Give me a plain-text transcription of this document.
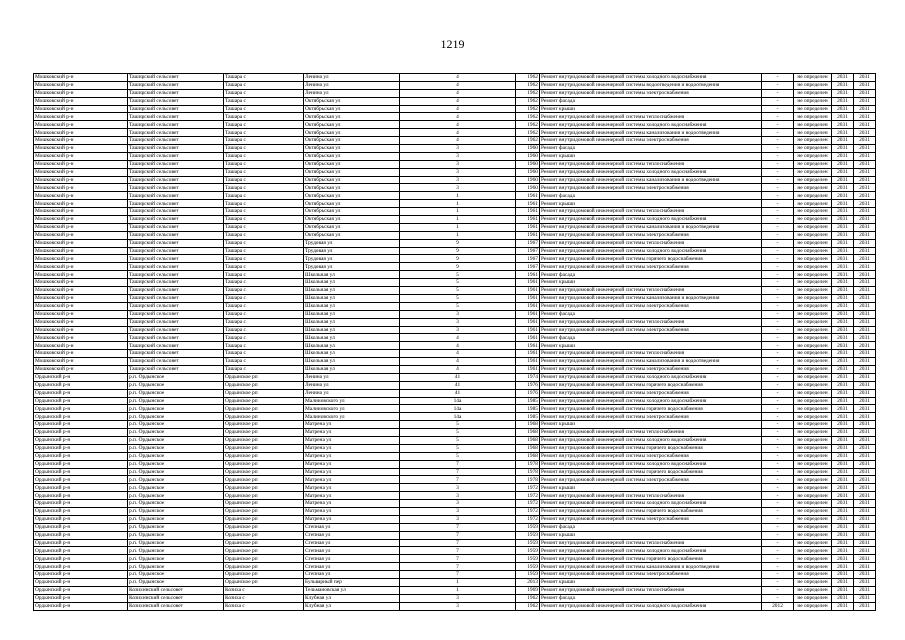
1219
Мошковский р-н	Таширский сельсовет	Ташара с	Ленина ул	4	1962	Ремонт внутридомовой инженерной системы холодного водоснабжения	-	не определен	2031	2031
Мошковский р-н	Таширский сельсовет	Ташара с	Ленина ул	4	1962	Ремонт внутридомовой инженерной системы водоотведения и водоотведения	-	не определен	2031	2031
Мошковский р-н	Таширский сельсовет	Ташара с	Ленина ул	4	1962	Ремонт внутридомовой инженерной системы электроснабжения	-	не определен	2031	2031
Мошковский р-н	Таширский сельсовет	Ташара с	Октябрьская ул	4	1962	Ремонт фасада	-	не определен	2031	2031
Мошковский р-н	Таширский сельсовет	Ташара с	Октябрьская ул	4	1962	Ремонт крыши	-	не определен	2031	2031
Мошковский р-н	Таширский сельсовет	Ташара с	Октябрьская ул	4	1962	Ремонт внутридомовой инженерной системы теплоснабжения	-	не определен	2031	2031
Мошковский р-н	Таширский сельсовет	Ташара с	Октябрьская ул	4	1962	Ремонт внутридомовой инженерной системы холодного водоснабжения	-	не определен	2031	2031
Мошковский р-н	Таширский сельсовет	Ташара с	Октябрьская ул	4	1962	Ремонт внутридомовой инженерной системы канализования и водоотведения	-	не определен	2031	2031
Мошковский р-н	Таширский сельсовет	Ташара с	Октябрьская ул	4	1962	Ремонт внутридомовой инженерной системы электроснабжения	-	не определен	2031	2031
Мошковский р-н	Таширский сельсовет	Ташара с	Октябрьская ул	3	1960	Ремонт фасада	-	не определен	2031	2031
Мошковский р-н	Таширский сельсовет	Ташара с	Октябрьская ул	3	1960	Ремонт крыши	-	не определен	2031	2031
Мошковский р-н	Таширский сельсовет	Ташара с	Октябрьская ул	3	1960	Ремонт внутридомовой инженерной системы теплоснабжения	-	не определен	2031	2031
Мошковский р-н	Таширский сельсовет	Ташара с	Октябрьская ул	3	1960	Ремонт внутридомовой инженерной системы холодного водоснабжения	-	не определен	2031	2031
Мошковский р-н	Таширский сельсовет	Ташара с	Октябрьская ул	3	1960	Ремонт внутридомовой инженерной системы канализования и водоотведения	-	не определен	2031	2031
Мошковский р-н	Таширский сельсовет	Ташара с	Октябрьская ул	3	1960	Ремонт внутридомовой инженерной системы электроснабжения	-	не определен	2031	2031
Мошковский р-н	Таширский сельсовет	Ташара с	Октябрьская ул	1	1961	Ремонт фасада	-	не определен	2031	2031
Мошковский р-н	Таширский сельсовет	Ташара с	Октябрьская ул	1	1961	Ремонт крыши	-	не определен	2031	2031
Мошковский р-н	Таширский сельсовет	Ташара с	Октябрьская ул	1	1961	Ремонт внутридомовой инженерной системы теплоснабжения	-	не определен	2031	2031
Мошковский р-н	Таширский сельсовет	Ташара с	Октябрьская ул	1	1961	Ремонт внутридомовой инженерной системы холодного водоснабжения	-	не определен	2031	2031
Мошковский р-н	Таширский сельсовет	Ташара с	Октябрьская ул	1	1961	Ремонт внутридомовой инженерной системы канализования и водоотведения	-	не определен	2031	2031
Мошковский р-н	Таширский сельсовет	Ташара с	Октябрьская ул	1	1961	Ремонт внутридомовой инженерной системы электроснабжения	-	не определен	2031	2031
Мошковский р-н	Таширский сельсовет	Ташара с	Трудовая ул	9	1967	Ремонт внутридомовой инженерной системы теплоснабжения	-	не определен	2031	2031
Мошковский р-н	Таширский сельсовет	Ташара с	Трудовая ул	9	1967	Ремонт внутридомовой инженерной системы холодного водоснабжения	-	не определен	2031	2031
Мошковский р-н	Таширский сельсовет	Ташара с	Трудовая ул	9	1967	Ремонт внутридомовой инженерной системы горячего водоснабжения	-	не определен	2031	2031
Мошковский р-н	Таширский сельсовет	Ташара с	Трудовая ул	9	1967	Ремонт внутридомовой инженерной системы электроснабжения	-	не определен	2031	2031
Мошковский р-н	Таширский сельсовет	Ташара с	Школьная ул	5	1961	Ремонт фасада	-	не определен	2031	2031
Мошковский р-н	Таширский сельсовет	Ташара с	Школьная ул	5	1961	Ремонт крыши	-	не определен	2031	2031
Мошковский р-н	Таширский сельсовет	Ташара с	Школьная ул	5	1961	Ремонт внутридомовой инженерной системы теплоснабжения	-	не определен	2031	2031
Мошковский р-н	Таширский сельсовет	Ташара с	Школьная ул	5	1961	Ремонт внутридомовой инженерной системы канализования и водоотведения	-	не определен	2031	2031
Мошковский р-н	Таширский сельсовет	Ташара с	Школьная ул	5	1961	Ремонт внутридомовой инженерной системы электроснабжения	-	не определен	2031	2031
Мошковский р-н	Таширский сельсовет	Ташара с	Школьная ул	3	1961	Ремонт фасада	-	не определен	2031	2031
Мошковский р-н	Таширский сельсовет	Ташара с	Школьная ул	3	1961	Ремонт внутридомовой инженерной системы теплоснабжения	-	не определен	2031	2031
Мошковский р-н	Таширский сельсовет	Ташара с	Школьная ул	3	1961	Ремонт внутридомовой инженерной системы электроснабжения	-	не определен	2031	2031
Мошковский р-н	Таширский сельсовет	Ташара с	Школьная ул	4	1961	Ремонт фасада	-	не определен	2031	2031
Мошковский р-н	Таширский сельсовет	Ташара с	Школьная ул	4	1961	Ремонт крыши	-	не определен	2031	2031
Мошковский р-н	Таширский сельсовет	Ташара с	Школьная ул	4	1961	Ремонт внутридомовой инженерной системы теплоснабжения	-	не определен	2031	2031
Мошковский р-н	Таширский сельсовет	Ташара с	Школьная ул	4	1961	Ремонт внутридомовой инженерной системы канализования и водоотведения	-	не определен	2031	2031
Мошковский р-н	Таширский сельсовет	Ташара с	Школьная ул	4	1961	Ремонт внутридомовой инженерной системы электроснабжения	-	не определен	2031	2031
Ордынский р-н	р.п. Ордынское	Ордынское рп	Ленина ул	41	1974	Ремонт внутридомовой инженерной системы холодного водоснабжения	-	не определен	2031	2031
Ордынский р-н	р.п. Ордынское	Ордынское рп	Ленина ул	41	1976	Ремонт внутридомовой инженерной системы горячего водоснабжения	-	не определен	2031	2031
Ордынский р-н	р.п. Ордынское	Ордынское рп	Ленина ул	41	1976	Ремонт внутридомовой инженерной системы электроснабжения	-	не определен	2031	2031
Ордынский р-н	р.п. Ордынское	Ордынское рп	Малиновского ул	14а	1985	Ремонт внутридомовой инженерной системы холодного водоснабжения	-	не определен	2031	2031
Ордынский р-н	р.п. Ордынское	Ордынское рп	Малиновского ул	14а	1985	Ремонт внутридомовой инженерной системы горячего водоснабжения	-	не определен	2031	2031
Ордынский р-н	р.п. Ордынское	Ордынское рп	Малиновского ул	14а	1985	Ремонт внутридомовой инженерной системы электроснабжения	-	не определен	2031	2031
Ордынский р-н	р.п. Ордынское	Ордынское рп	Матрена ул	5	1968	Ремонт крыши	-	не определен	2031	2031
Ордынский р-н	р.п. Ордынское	Ордынское рп	Матрена ул	5	1968	Ремонт внутридомовой инженерной системы теплоснабжения	-	не определен	2031	2031
Ордынский р-н	р.п. Ордынское	Ордынское рп	Матрена ул	5	1968	Ремонт внутридомовой инженерной системы холодного водоснабжения	-	не определен	2031	2031
Ордынский р-н	р.п. Ордынское	Ордынское рп	Матрена ул	5	1968	Ремонт внутридомовой инженерной системы горячего водоснабжения	-	не определен	2031	2031
Ордынский р-н	р.п. Ордынское	Ордынское рп	Матрена ул	5	1968	Ремонт внутридомовой инженерной системы электроснабжения	-	не определен	2031	2031
Ордынский р-н	р.п. Ордынское	Ордынское рп	Матрена ул	7	1978	Ремонт внутридомовой инженерной системы холодного водоснабжения	-	не определен	2031	2031
Ордынский р-н	р.п. Ордынское	Ордынское рп	Матрена ул	7	1978	Ремонт внутридомовой инженерной системы горячего водоснабжения	-	не определен	2031	2031
Ордынский р-н	р.п. Ордынское	Ордынское рп	Матрена ул	7	1978	Ремонт внутридомовой инженерной системы электроснабжения	-	не определен	2031	2031
Ордынский р-н	р.п. Ордынское	Ордынское рп	Матрена ул	3	1972	Ремонт крыши	-	не определен	2031	2031
Ордынский р-н	р.п. Ордынское	Ордынское рп	Матрена ул	3	1972	Ремонт внутридомовой инженерной системы теплоснабжения	-	не определен	2031	2031
Ордынский р-н	р.п. Ордынское	Ордынское рп	Матрена ул	3	1972	Ремонт внутридомовой инженерной системы холодного водоснабжения	-	не определен	2031	2031
Ордынский р-н	р.п. Ордынское	Ордынское рп	Матрена ул	3	1972	Ремонт внутридомовой инженерной системы горячего водоснабжения	-	не определен	2031	2031
Ордынский р-н	р.п. Ордынское	Ордынское рп	Матрена ул	3	1972	Ремонт внутридомовой инженерной системы электроснабжения	-	не определен	2031	2031
Ордынский р-н	р.п. Ордынское	Ордынское рп	Степная ул	7	1959	Ремонт фасада	-	не определен	2031	2031
Ордынский р-н	р.п. Ордынское	Ордынское рп	Степная ул	7	1959	Ремонт крыши	-	не определен	2031	2031
Ордынский р-н	р.п. Ордынское	Ордынское рп	Степная ул	7	1959	Ремонт внутридомовой инженерной системы теплоснабжения	-	не определен	2031	2031
Ордынский р-н	р.п. Ордынское	Ордынское рп	Степная ул	7	1959	Ремонт внутридомовой инженерной системы холодного водоснабжения	-	не определен	2031	2031
Ордынский р-н	р.п. Ордынское	Ордынское рп	Степная ул	7	1959	Ремонт внутридомовой инженерной системы горячего водоснабжения	-	не определен	2031	2031
Ордынский р-н	р.п. Ордынское	Ордынское рп	Степная ул	7	1959	Ремонт внутридомовой инженерной системы канализования и водоотведения	-	не определен	2031	2031
Ордынский р-н	р.п. Ордынское	Ордынское рп	Степная ул	7	1959	Ремонт внутридомовой инженерной системы электроснабжения	-	не определен	2031	2031
Ордынский р-н	р.п. Ордынское	Ордынское рп	Бульварный пер	1	2013	Ремонт крыши	-	не определен	2031	2031
Ордынский р-н	Козихинский сельсовет	Козиха с	Тельмановская ул	1	1969	Ремонт внутридомовой инженерной системы теплоснабжения	-	не определен	2031	2031
Ордынский р-н	Козихинский сельсовет	Козиха с	Клубная ул	3	1962	Ремонт фасада	-	не определен	2031	2031
Ордынский р-н	Козихинский сельсовет	Козиха с	Клубная ул	3	1962	Ремонт внутридомовой инженерной системы холодного водоснабжения	2012	не определен	2031	2031
